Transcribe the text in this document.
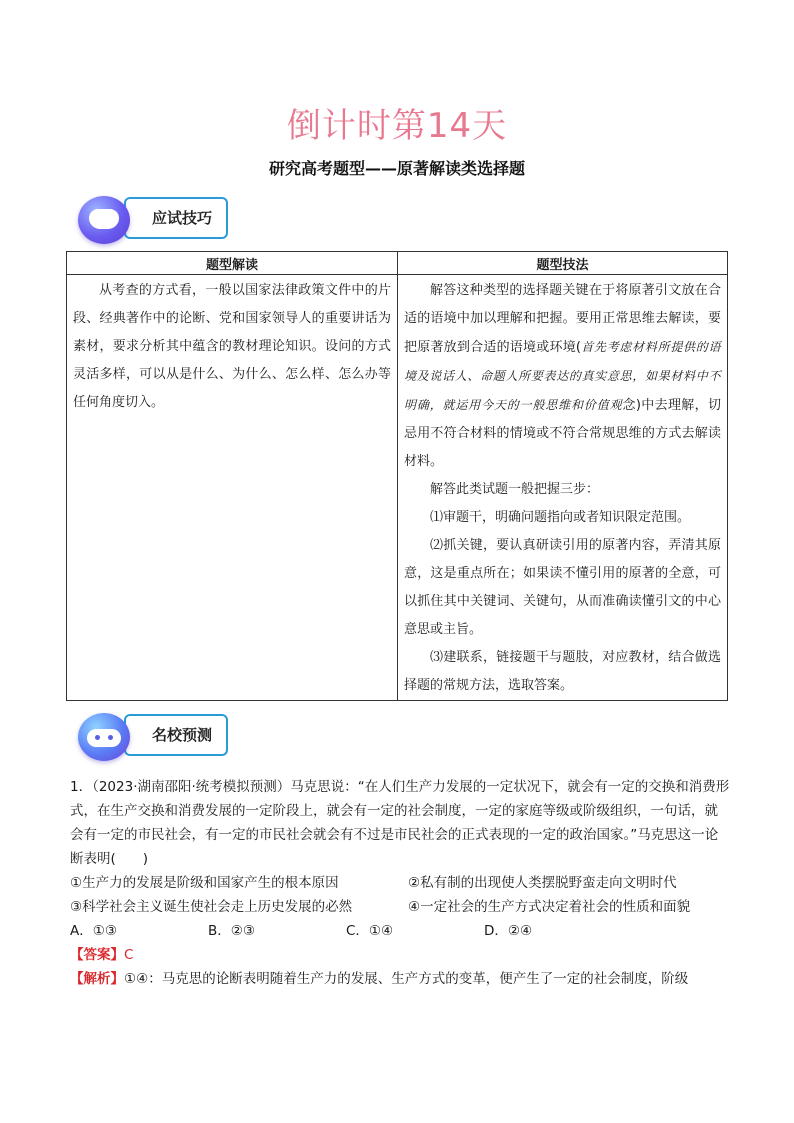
倒计时第14天
研究高考题型——原著解读类选择题
应试技巧
题型解读	题型技法

从考查的方式看，一般以国家法律政策文件中的片段、经典著作中的论断、党和国家领导人的重要讲话为素材，要求分析其中蕴含的教材理论知识。设问的方式灵活多样，可以从是什么、为什么、怎么样、怎么办等任何角度切入。	解答这种类型的选择题关键在于将原著引文放在合适的语境中加以理解和把握。要用正常思维去解读，要把原著放到合适的语境或环境(首先考虑材料所提供的语境及说话人、命题人所要表达的真实意思，如果材料中不明确，就运用今天的一般思维和价值观念)中去理解，切忌用不符合材料的情境或不符合常规思维的方式去解读材料。

解答此类试题一般把握三步：

⑴审题干，明确问题指向或者知识限定范围。

⑵抓关键，要认真研读引用的原著内容，弄清其原意，这是重点所在；如果读不懂引用的原著的全意，可以抓住其中关键词、关键句，从而准确读懂引文的中心意思或主旨。

⑶建联系，链接题干与题肢，对应教材，结合做选择题的常规方法，选取答案。

名校预测

1．（2023·湖南邵阳·统考模拟预测）马克思说：“在人们生产力发展的一定状况下，就会有一定的交换和消费形式，在生产交换和消费发展的一定阶段上，就会有一定的社会制度，一定的家庭等级或阶级组织，一句话，就会有一定的市民社会，有一定的市民社会就会有不过是市民社会的正式表现的一定的政治国家。”马克思这一论断表明(　　)

①生产力的发展是阶级和国家产生的根本原因	②私有制的出现使人类摆脱野蛮走向文明时代
③科学社会主义诞生使社会走上历史发展的必然	④一定社会的生产方式决定着社会的性质和面貌
A．①③	B．②③	C．①④	D．②④

【答案】C

【解析】①④：马克思的论断表明随着生产力的发展、生产方式的变革，便产生了一定的社会制度，阶级
